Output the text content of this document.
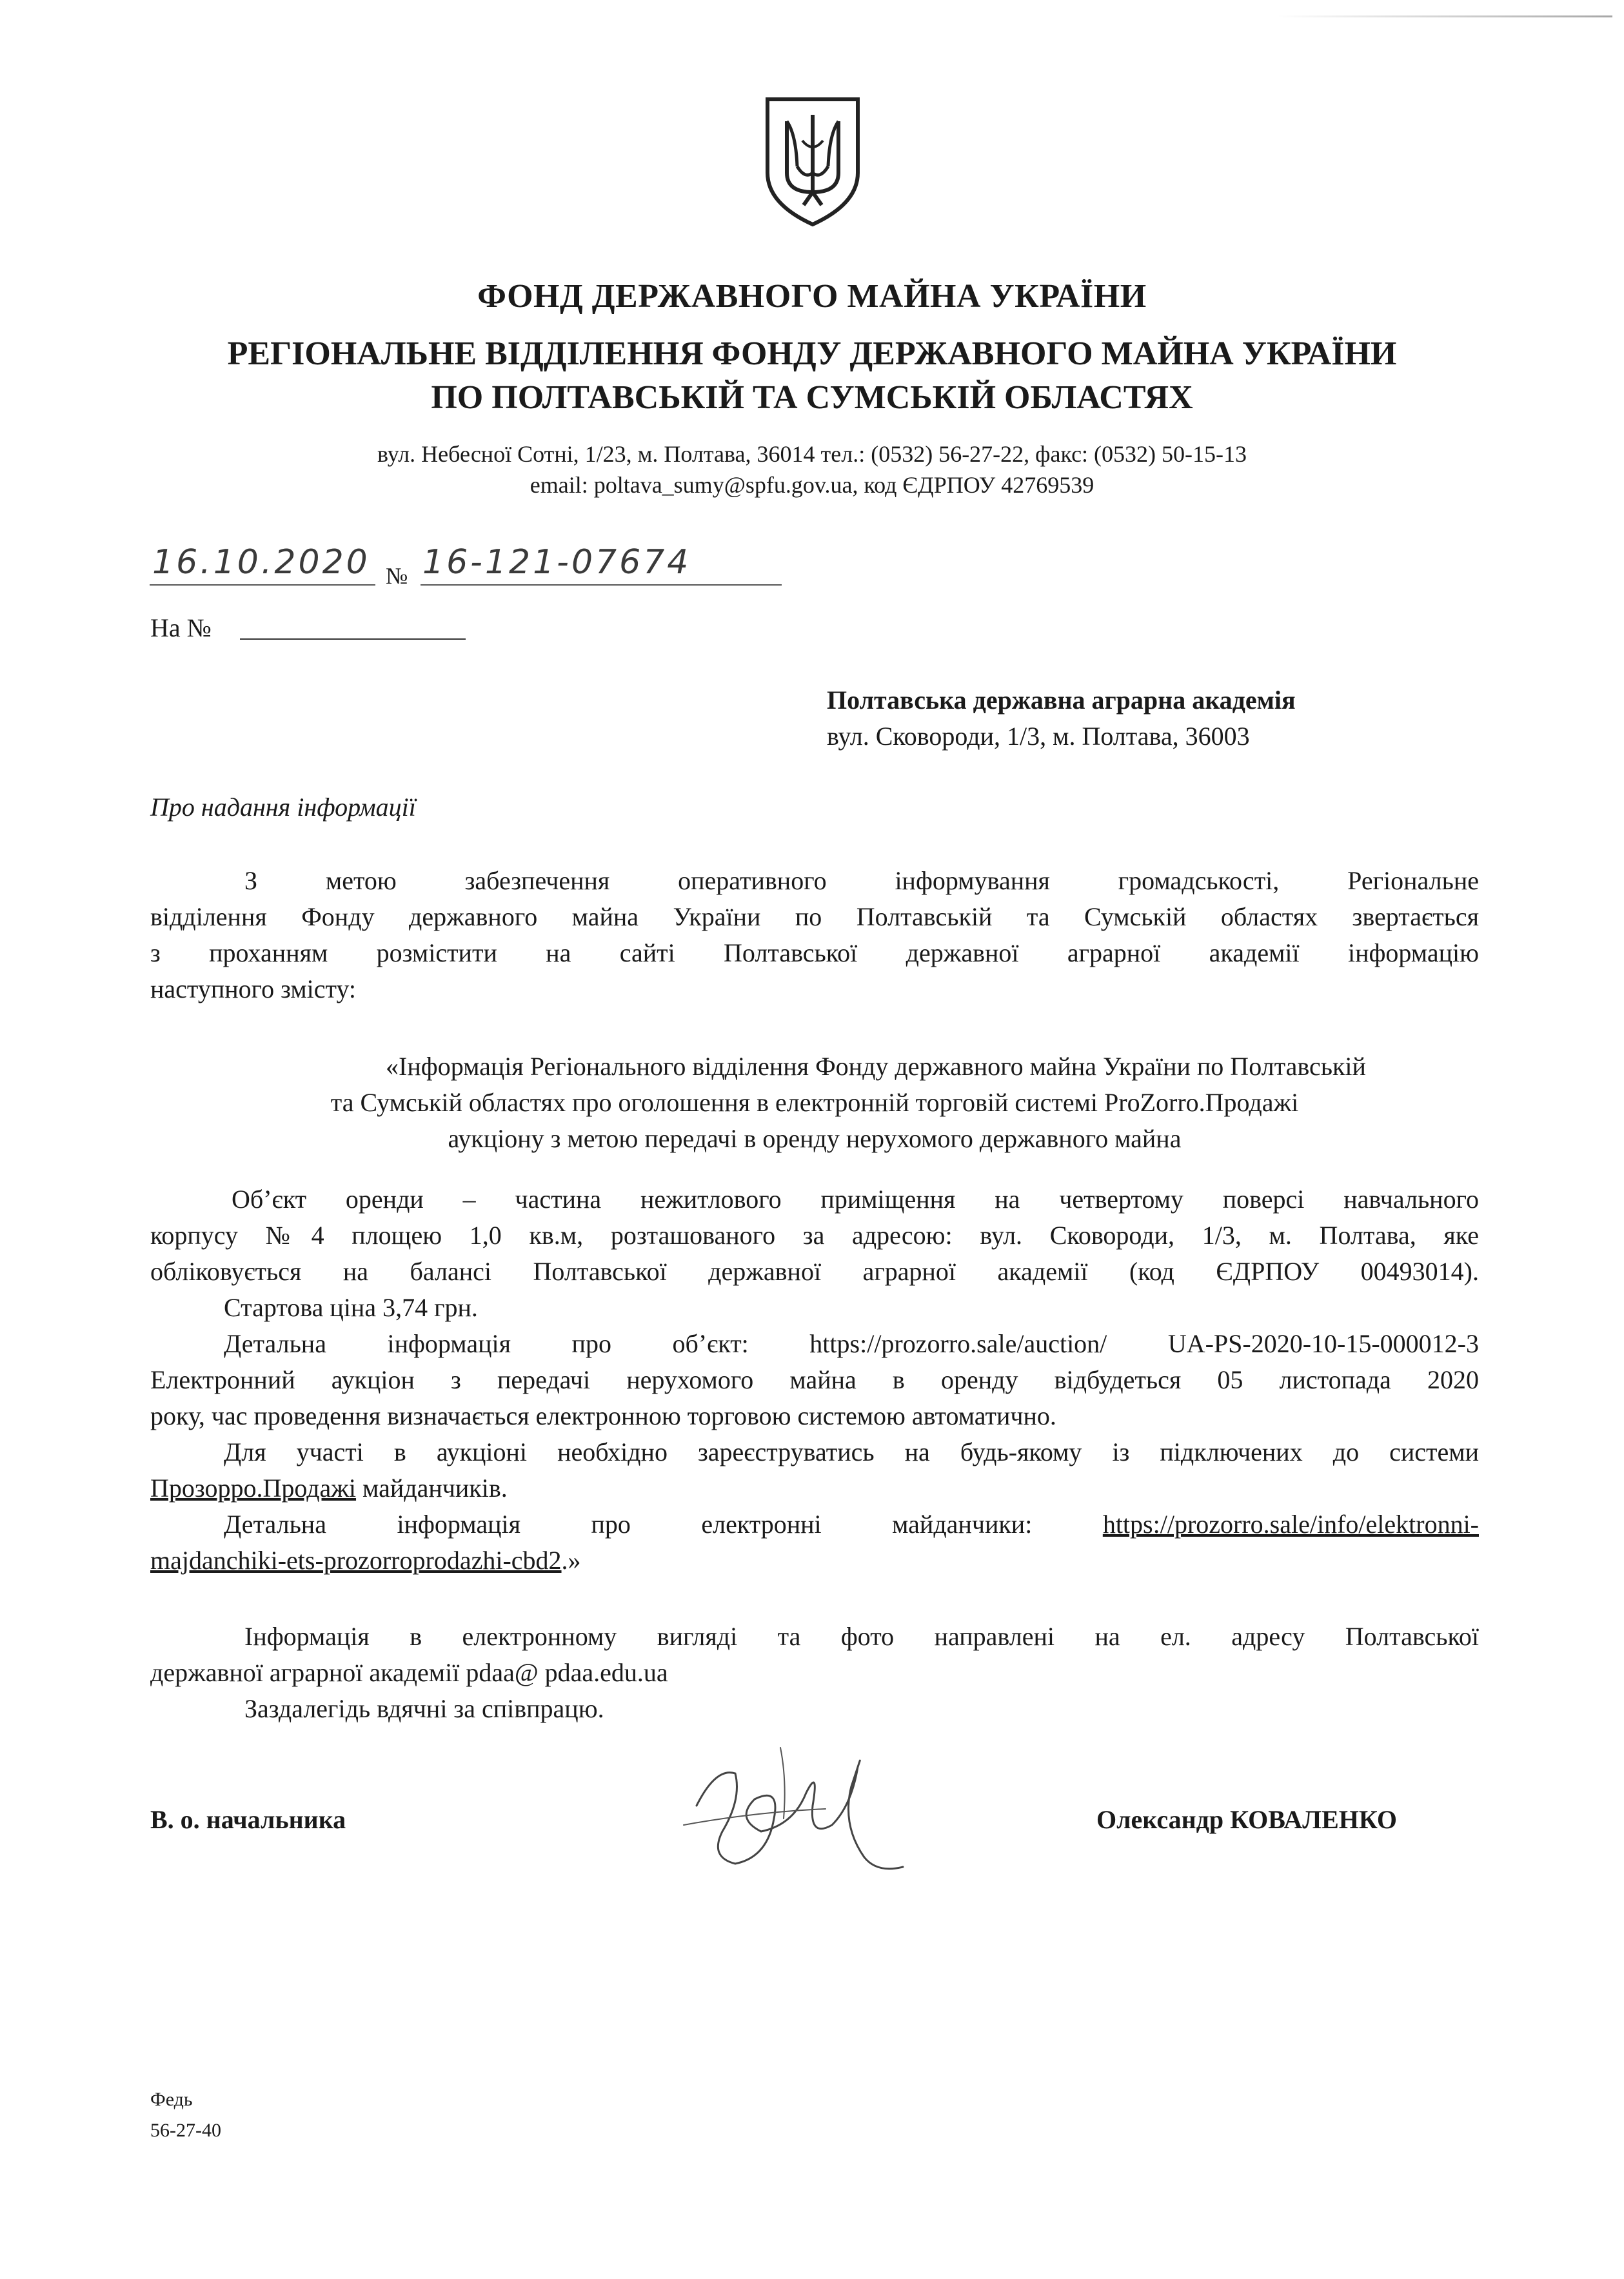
ФОНД ДЕРЖАВНОГО МАЙНА УКРАЇНИ
РЕГІОНАЛЬНЕ ВІДДІЛЕННЯ ФОНДУ ДЕРЖАВНОГО МАЙНА УКРАЇНИ
ПО ПОЛТАВСЬКІЙ ТА СУМСЬКІЙ ОБЛАСТЯХ
вул. Небесної Сотні, 1/23, м. Полтава, 36014 тел.: (0532) 56-27-22, факс: (0532) 50-15-13
email: poltava_sumy@spfu.gov.ua, код ЄДРПОУ 42769539
16.10.2020 № 16-121-07674
На №
Полтавська державна аграрна академія
вул. Сковороди, 1/3, м. Полтава, 36003
Про надання інформації
З метою забезпечення оперативного інформування громадськості, Регіональне
відділення Фонду державного майна України по Полтавській та Сумській областях звертається
з проханням розмістити на сайті Полтавської державної аграрної академії інформацію
наступного змісту:
«Інформація Регіонального відділення Фонду державного майна України по Полтавській
та Сумській областях про оголошення в електронній торговій системі ProZorro.Продажі
аукціону з метою передачі в оренду нерухомого державного майна
Об’єкт оренди – частина нежитлового приміщення на четвертому поверсі навчального
корпусу №4 площею 1,0 кв.м, розташованого за адресою: вул. Сковороди, 1/3, м. Полтава, яке
обліковується на балансі Полтавської державної аграрної академії (код ЄДРПОУ 00493014).
Стартова ціна 3,74 грн.
Детальна інформація про об’єкт: https://prozorro.sale/auction/ UA-PS-2020-10-15-000012-3
Електронний аукціон з передачі нерухомого майна в оренду відбудеться 05 листопада 2020
року, час проведення визначається електронною торговою системою автоматично.
Для участі в аукціоні необхідно зареєструватись на будь-якому із підключених до системи
Прозорро.Продажі майданчиків.
Детальна інформація про електронні майданчики: https://prozorro.sale/info/elektronni-
majdanchiki-ets-prozorroprodazhi-cbd2.»
Інформація в електронному вигляді та фото направлені на ел. адресу Полтавської
державної аграрної академії pdaa@ pdaa.edu.ua
Заздалегідь вдячні за співпрацю.
В. о. начальника	Олександр КОВАЛЕНКО
Федь
56-27-40
